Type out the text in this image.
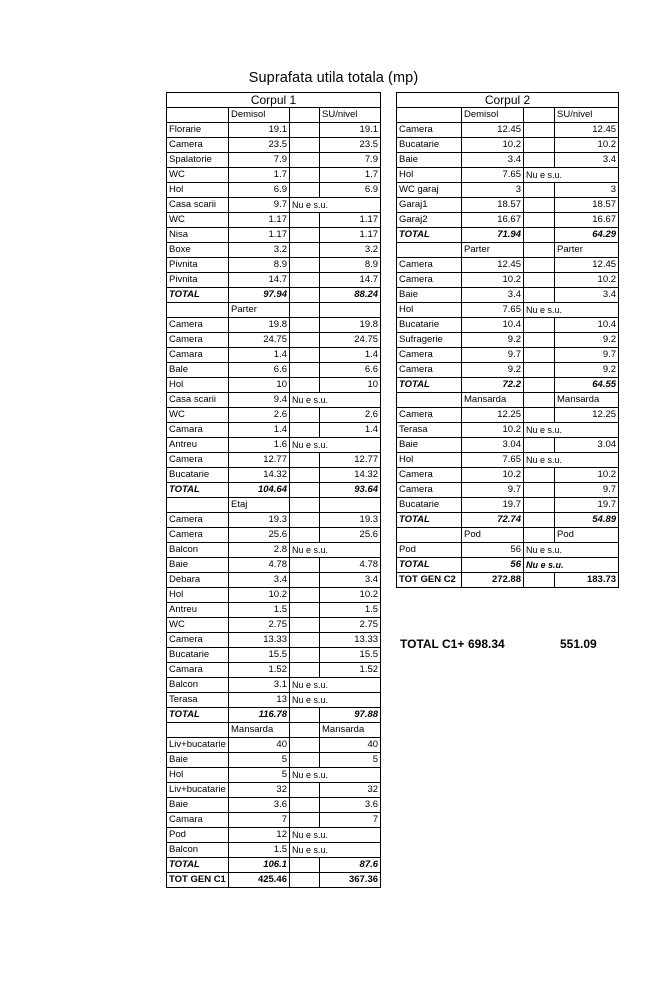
Suprafata utila totala (mp)
Corpul 1			
	Demisol		SU/nivel
Florarie	19.1		19.1
Camera	23.5		23.5
Spalatorie	7.9		7.9
WC	1.7		1.7
Hol	6.9		6.9
Casa scarii	9.7	Nu e s.u.	
WC	1.17		1.17
Nisa	1.17		1.17
Boxe	3.2		3.2
Pivnita	8.9		8.9
Pivnita	14.7		14.7
TOTAL	97.94		88.24
	Parter		
Camera	19.8		19.8
Camera	24.75		24.75
Camara	1.4		1.4
Bale	6.6		6.6
Hol	10		10
Casa scarii	9.4	Nu e s.u.	
WC	2.6		2.6
Camara	1.4		1.4
Antreu	1.6	Nu e s.u.	
Camera	12.77		12.77
Bucatarie	14.32		14.32
TOTAL	104.64		93.64
	Etaj		
Camera	19.3		19.3
Camera	25.6		25.6
Balcon	2.8	Nu e s.u.	
Baie	4.78		4.78
Debara	3.4		3.4
Hol	10.2		10.2
Antreu	1.5		1.5
WC	2.75		2.75
Camera	13.33		13.33
Bucatarie	15.5		15.5
Camara	1.52		1.52
Balcon	3.1	Nu e s.u.	
Terasa	13	Nu e s.u.	
TOTAL	116.78		97.88
	Mansarda		Mansarda
Liv+bucatarie	40		40
Baie	5		5
Hol	5	Nu e s.u.	
Liv+bucatarie	32		32
Baie	3.6		3.6
Camara	7		7
Pod	12	Nu e s.u.	
Balcon	1.5	Nu e s.u.	
TOTAL	106.1		87.6
TOT GEN C1	425.46		367.36
Corpul 2			
	Demisol		SU/nivel
Camera	12.45		12.45
Bucatarie	10.2		10.2
Baie	3.4		3.4
Hol	7.65	Nu e s.u.	
WC garaj	3		3
Garaj1	18.57		18.57
Garaj2	16.67		16.67
TOTAL	71.94		64.29
	Parter		Parter
Camera	12.45		12.45
Camera	10.2		10.2
Baie	3.4		3.4
Hol	7.65	Nu e s.u.	
Bucatarie	10.4		10.4
Sufragerie	9.2		9.2
Camera	9.7		9.7
Camera	9.2		9.2
TOTAL	72.2		64.55
	Mansarda		Mansarda
Camera	12.25		12.25
Terasa	10.2	Nu e s.u.	
Baie	3.04		3.04
Hol	7.65	Nu e s.u.	
Camera	10.2		10.2
Camera	9.7		9.7
Bucatarie	19.7		19.7
TOTAL	72.74		54.89
	Pod		Pod
Pod	56	Nu e s.u.	
TOTAL	56	Nu e s.u.	
TOT GEN C2	272.88		183.73
TOTAL C1+ 698.34	551.09
